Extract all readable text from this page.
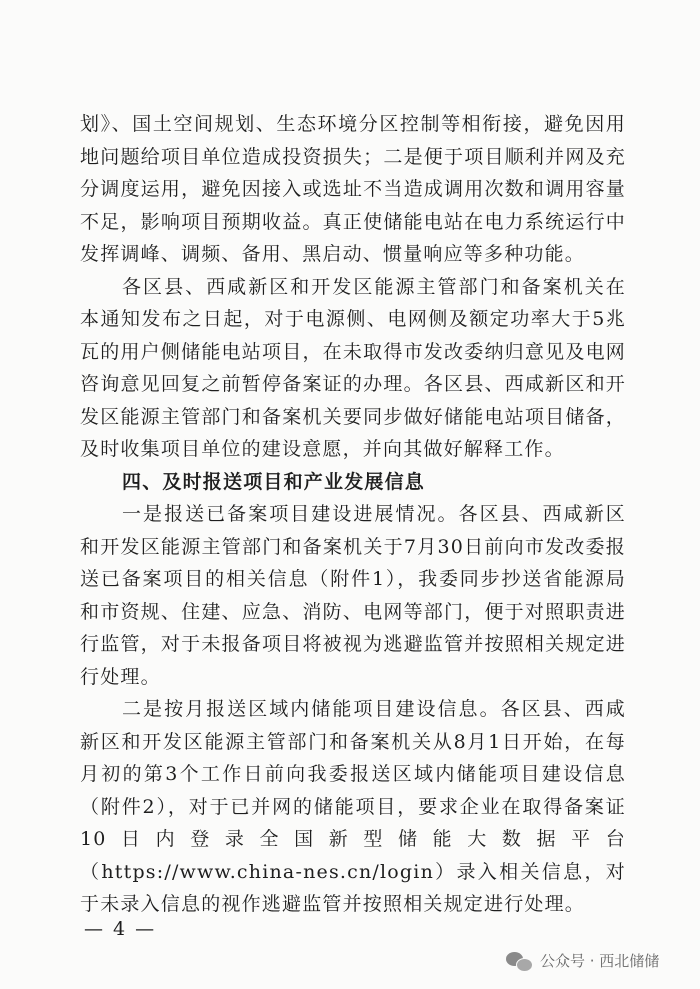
划》、国土空间规划、生态环境分区控制等相衔接，避免因用地问题给项目单位造成投资损失；二是便于项目顺利并网及充分调度运用，避免因接入或选址不当造成调用次数和调用容量不足，影响项目预期收益。真正使储能电站在电力系统运行中发挥调峰、调频、备用、黑启动、惯量响应等多种功能。

各区县、西咸新区和开发区能源主管部门和备案机关在本通知发布之日起，对于电源侧、电网侧及额定功率大于5兆瓦的用户侧储能电站项目，在未取得市发改委纳归意见及电网咨询意见回复之前暂停备案证的办理。各区县、西咸新区和开发区能源主管部门和备案机关要同步做好储能电站项目储备，及时收集项目单位的建设意愿，并向其做好解释工作。

四、及时报送项目和产业发展信息

一是报送已备案项目建设进展情况。各区县、西咸新区和开发区能源主管部门和备案机关于7月30日前向市发改委报送已备案项目的相关信息（附件1），我委同步抄送省能源局和市资规、住建、应急、消防、电网等部门，便于对照职责进行监管，对于未报备项目将被视为逃避监管并按照相关规定进行处理。

二是按月报送区域内储能项目建设信息。各区县、西咸新区和开发区能源主管部门和备案机关从8月1日开始，在每月初的第3个工作日前向我委报送区域内储能项目建设信息（附件2），对于已并网的储能项目，要求企业在取得备案证10日内登录全国新型储能大数据平台（https://www.china-nes.cn/login）录入相关信息，对于未录入信息的视作逃避监管并按照相关规定进行处理。

— 4 —
公众号 · 西北储储
